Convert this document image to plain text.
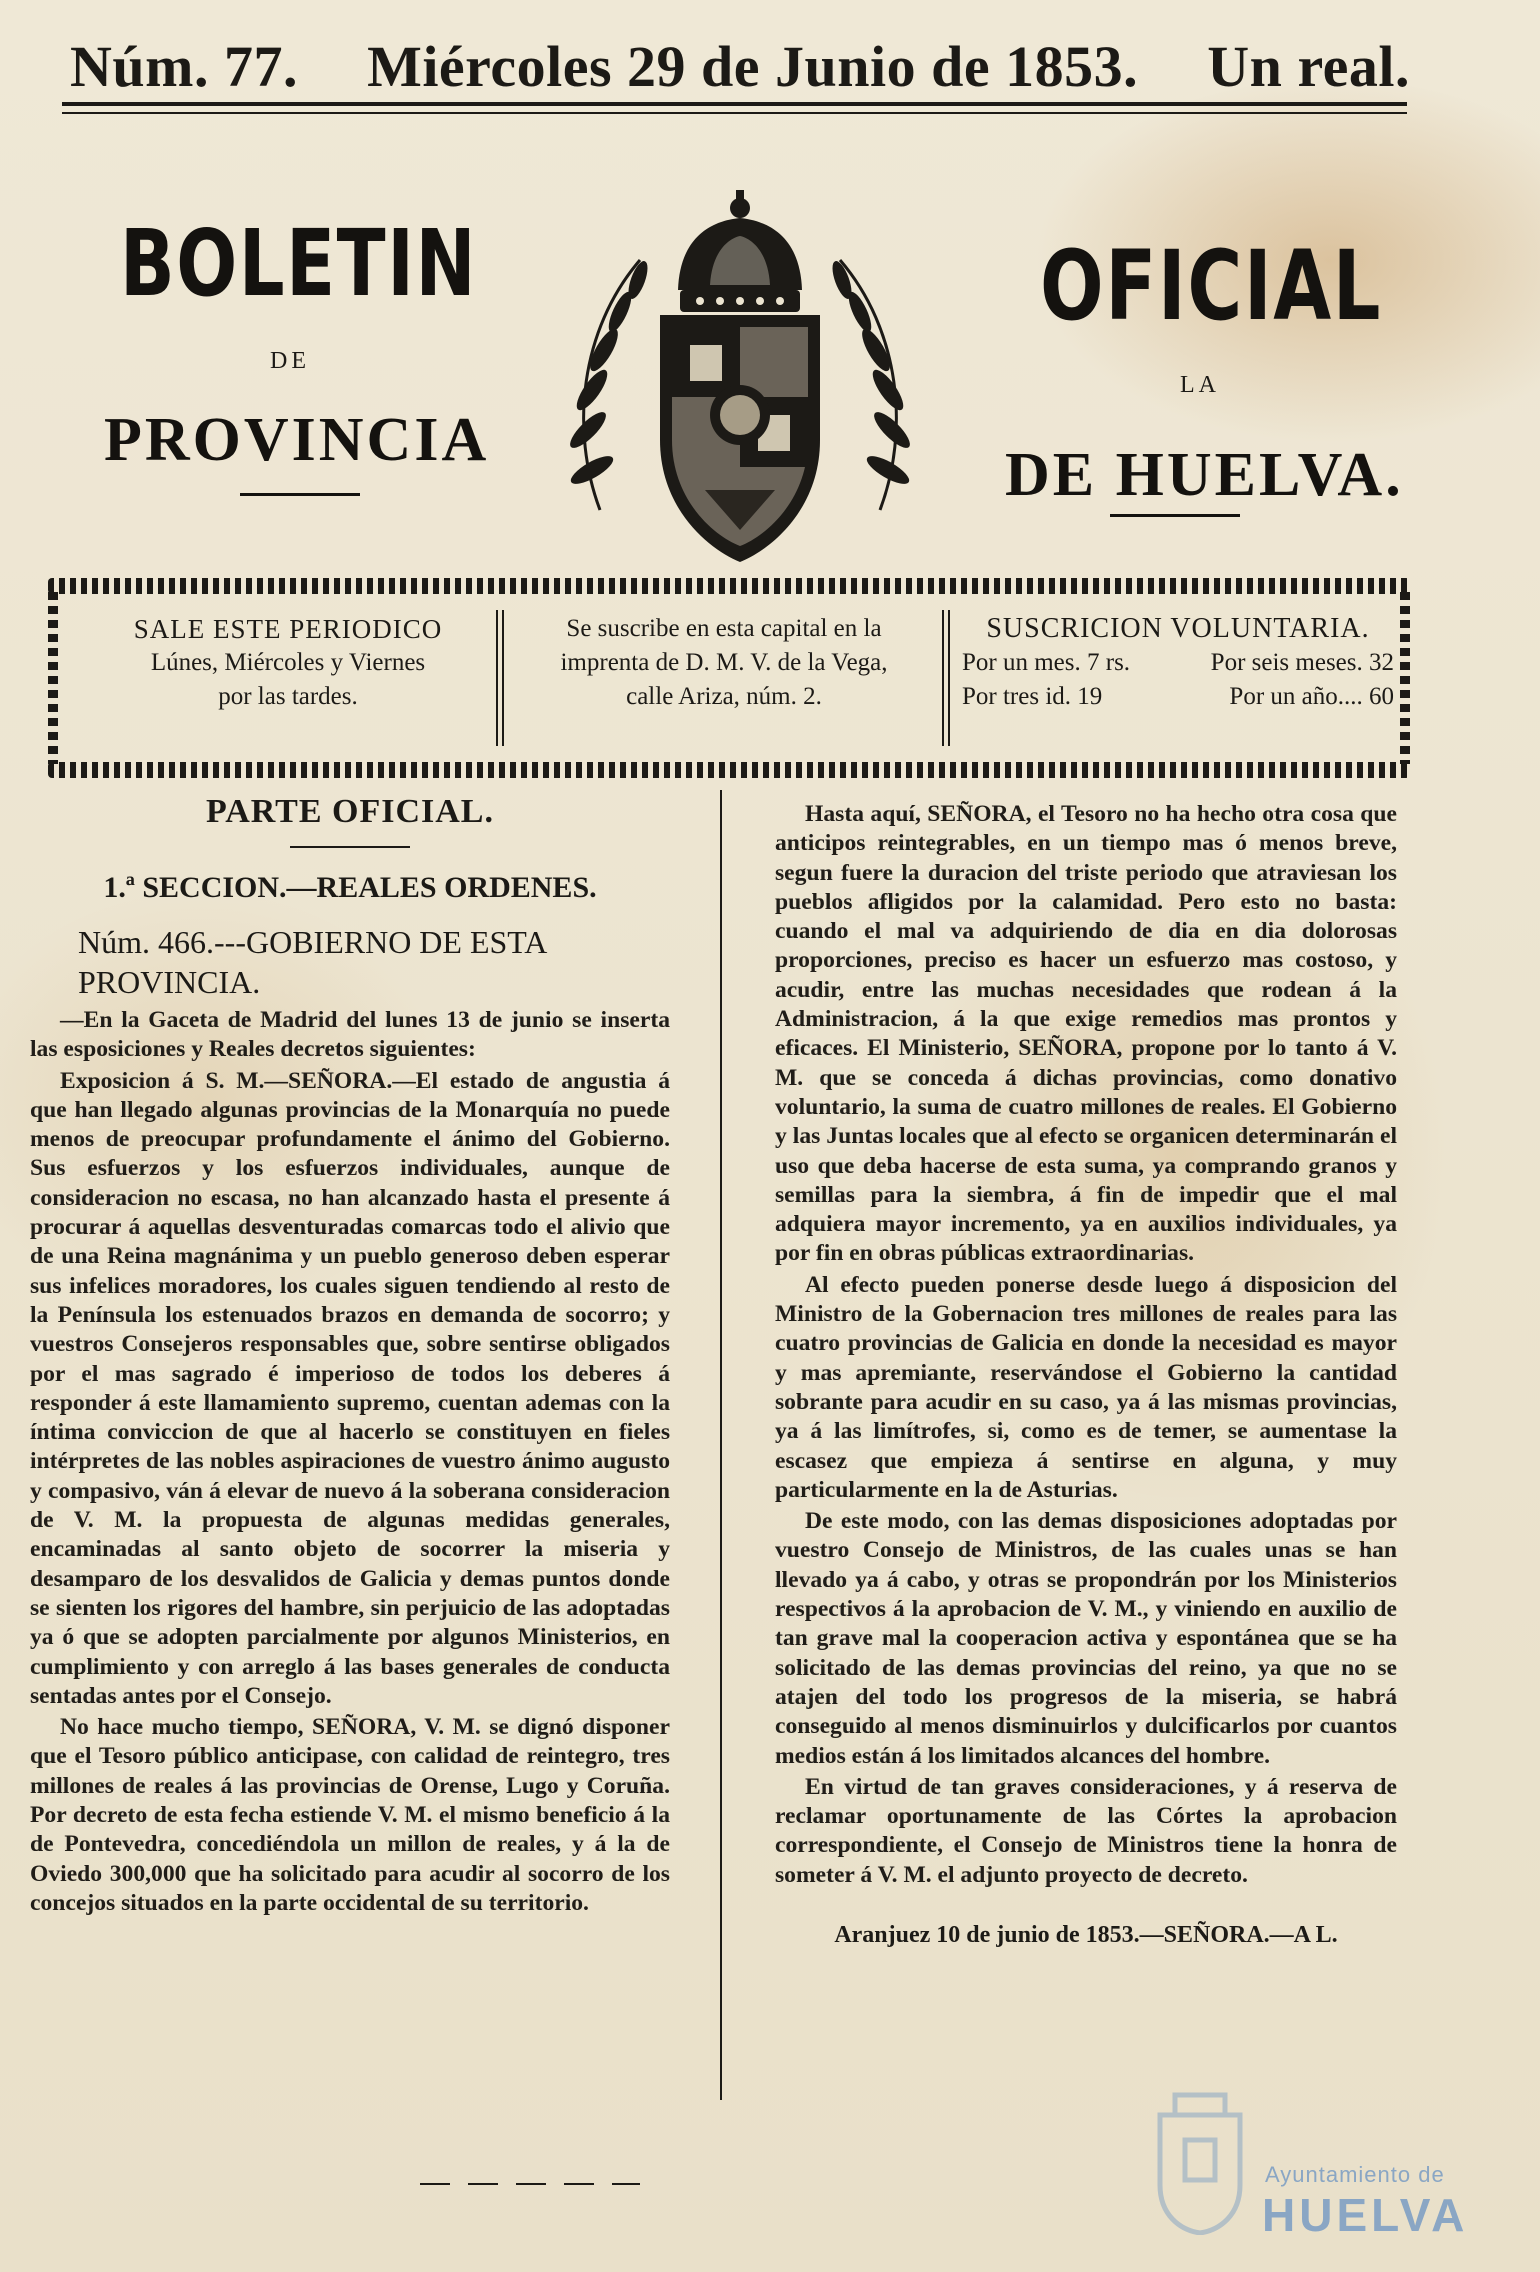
Núm. 77. Miércoles 29 de Junio de 1853. Un real.
BOLETIN
DE
PROVINCIA
OFICIAL
LA
DE HUELVA.
SALE ESTE PERIODICO
Lúnes, Miércoles y Viernes
por las tardes.
Se suscribe en esta capital en la
imprenta de D. M. V. de la Vega,
calle Ariza, núm. 2.
SUSCRICION VOLUNTARIA.
Por un mes. 7 rs.	Por seis meses. 32
Por tres id. 19	Por un año.... 60
PARTE OFICIAL.
1.ª SECCION.—REALES ORDENES.
Núm. 466.---GOBIERNO DE ESTA PROVINCIA.

—En la Gaceta de Madrid del lunes 13 de junio se inserta las esposiciones y Reales decretos siguientes:

Exposicion á S. M.—SEÑORA.—El estado de angustia á que han llegado algunas provincias de la Monarquía no puede menos de preocupar profundamente el ánimo del Gobierno. Sus esfuerzos y los esfuerzos individuales, aunque de consideracion no escasa, no han alcanzado hasta el presente á procurar á aquellas desventuradas comarcas todo el alivio que de una Reina magnánima y un pueblo generoso deben esperar sus infelices moradores, los cuales siguen tendiendo al resto de la Península los estenuados brazos en demanda de socorro; y vuestros Consejeros responsables que, sobre sentirse obligados por el mas sagrado é imperioso de todos los deberes á responder á este llamamiento supremo, cuentan ademas con la íntima conviccion de que al hacerlo se constituyen en fieles intérpretes de las nobles aspiraciones de vuestro ánimo augusto y compasivo, ván á elevar de nuevo á la soberana consideracion de V. M. la propuesta de algunas medidas generales, encaminadas al santo objeto de socorrer la miseria y desamparo de los desvalidos de Galicia y demas puntos donde se sienten los rigores del hambre, sin perjuicio de las adoptadas ya ó que se adopten parcialmente por algunos Ministerios, en cumplimiento y con arreglo á las bases generales de conducta sentadas antes por el Consejo.

No hace mucho tiempo, SEÑORA, V. M. se dignó disponer que el Tesoro público anticipase, con calidad de reintegro, tres millones de reales á las provincias de Orense, Lugo y Coruña. Por decreto de esta fecha estiende V. M. el mismo beneficio á la de Pontevedra, concediéndola un millon de reales, y á la de Oviedo 300,000 que ha solicitado para acudir al socorro de los concejos situados en la parte occidental de su territorio.

Hasta aquí, SEÑORA, el Tesoro no ha hecho otra cosa que anticipos reintegrables, en un tiempo mas ó menos breve, segun fuere la duracion del triste periodo que atraviesan los pueblos afligidos por la calamidad. Pero esto no basta: cuando el mal va adquiriendo de dia en dia dolorosas proporciones, preciso es hacer un esfuerzo mas costoso, y acudir, entre las muchas necesidades que rodean á la Administracion, á la que exige remedios mas prontos y eficaces. El Ministerio, SEÑORA, propone por lo tanto á V. M. que se conceda á dichas provincias, como donativo voluntario, la suma de cuatro millones de reales. El Gobierno y las Juntas locales que al efecto se organicen determinarán el uso que deba hacerse de esta suma, ya comprando granos y semillas para la siembra, á fin de impedir que el mal adquiera mayor incremento, ya en auxilios individuales, ya por fin en obras públicas extraordinarias.

Al efecto pueden ponerse desde luego á disposicion del Ministro de la Gobernacion tres millones de reales para las cuatro provincias de Galicia en donde la necesidad es mayor y mas apremiante, reservándose el Gobierno la cantidad sobrante para acudir en su caso, ya á las mismas provincias, ya á las limítrofes, si, como es de temer, se aumentase la escasez que empieza á sentirse en alguna, y muy particularmente en la de Asturias.

De este modo, con las demas disposiciones adoptadas por vuestro Consejo de Ministros, de las cuales unas se han llevado ya á cabo, y otras se propondrán por los Ministerios respectivos á la aprobacion de V. M., y viniendo en auxilio de tan grave mal la cooperacion activa y espontánea que se ha solicitado de las demas provincias del reino, ya que no se atajen del todo los progresos de la miseria, se habrá conseguido al menos disminuirlos y dulcificarlos por cuantos medios están á los limitados alcances del hombre.

En virtud de tan graves consideraciones, y á reserva de reclamar oportunamente de las Córtes la aprobacion correspondiente, el Consejo de Ministros tiene la honra de someter á V. M. el adjunto proyecto de decreto.

Aranjuez 10 de junio de 1853.—SEÑORA.—A L.
Ayuntamiento de
HUELVA
